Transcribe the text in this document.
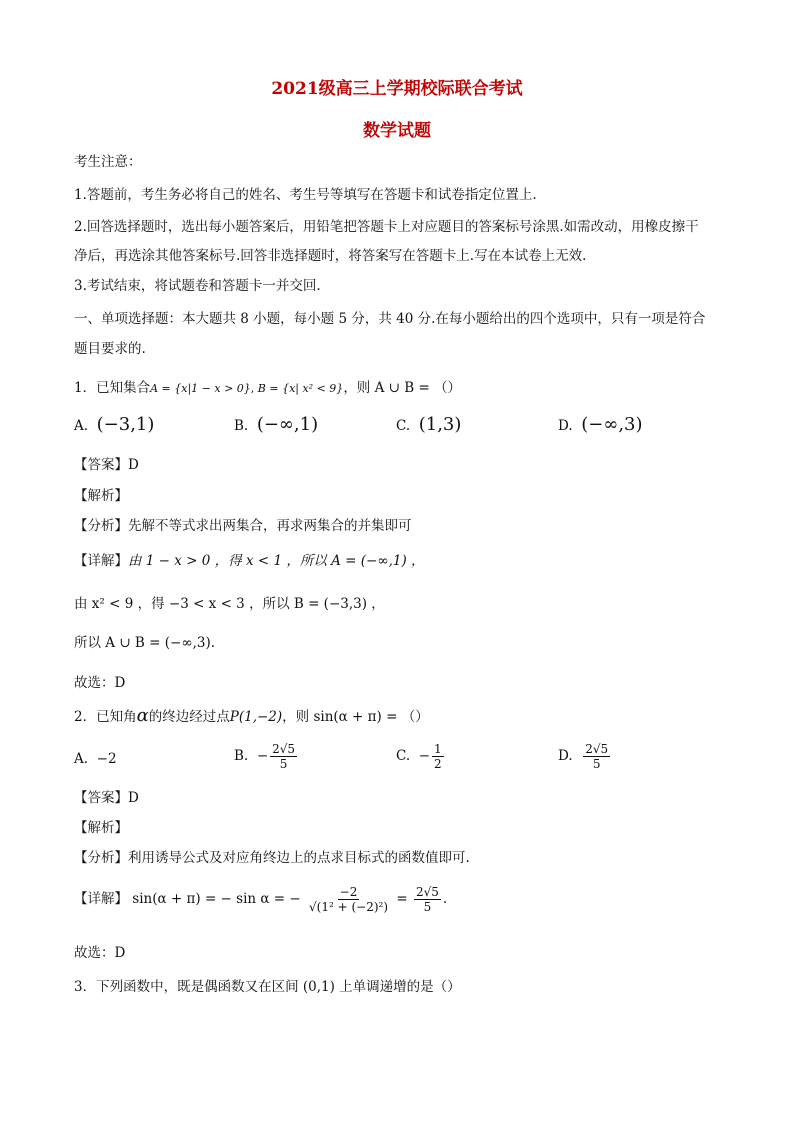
2021级高三上学期校际联合考试
数学试题
考生注意：
1.答题前，考生务必将自己的姓名、考生号等填写在答题卡和试卷指定位置上.
2.回答选择题时，选出每小题答案后，用铅笔把答题卡上对应题目的答案标号涂黑.如需改动，用橡皮擦干
净后，再选涂其他答案标号.回答非选择题时，将答案写在答题卡上.写在本试卷上无效.
3.考试结束，将试题卷和答题卡一并交回.
一、单项选择题：本大题共 8 小题，每小题 5 分，共 40 分.在每小题给出的四个选项中，只有一项是符合
题目要求的.
1．已知集合A = {x|1 − x > 0}, B = {x| x² < 9}，则 A ∪ B = （）
A. (−3,1)	B. (−∞,1)	C. (1,3)	D. (−∞,3)
【答案】D
【解析】
【分析】先解不等式求出两集合，再求两集合的并集即可
【详解】由 1 − x > 0 ，得 x < 1 ，所以 A = (−∞,1) ，
由 x² < 9 ，得 −3 < x < 3 ，所以 B = (−3,3) ，
所以 A ∪ B = (−∞,3).
故选：D
2．已知角α的终边经过点P(1,−2)，则 sin(α + π) = （）
A. −2	B. − $\frac{2√5}{5}$	C. − $\frac{1}{2}$	D. $\frac{2√5}{5}$
【答案】D
【解析】
【分析】利用诱导公式及对应角终边上的点求目标式的函数值即可.
【详解】 sin(α + π) = − sin α = − $\frac{-2}{\text{√(1² + (−2)²)}} = \frac{2√5}{5}$ .
故选：D
3．下列函数中，既是偶函数又在区间 (0,1) 上单调递增的是（）
